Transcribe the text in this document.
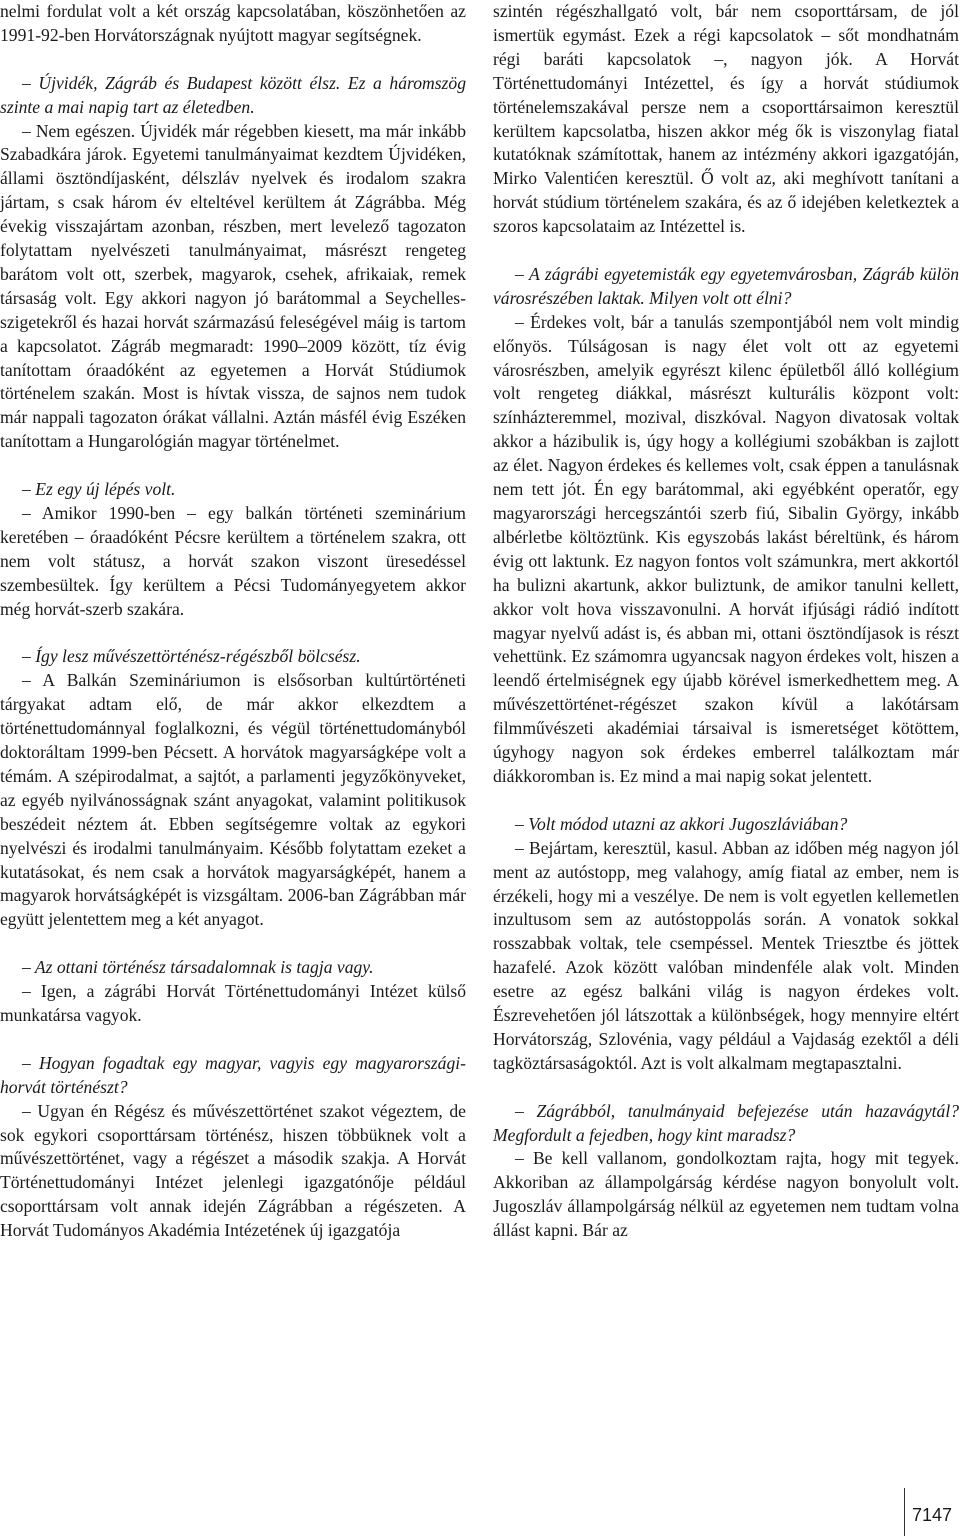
nelmi fordulat volt a két ország kapcsolatában, köszönhetően az 1991-92-ben Horvátországnak nyújtott magyar segítségnek.

– Újvidék, Zágráb és Budapest között élsz. Ez a háromszög szinte a mai napig tart az életedben.

– Nem egészen. Újvidék már régebben kiesett, ma már inkább Szabadkára járok. Egyetemi tanulmányaimat kezdtem Újvidéken, állami ösztöndíjasként, délszláv nyelvek és irodalom szakra jártam, s csak három év elteltével kerültem át Zágrábba. Még évekig visszajártam azonban, részben, mert levelező tagozaton folytattam nyelvészeti tanulmányaimat, másrészt rengeteg barátom volt ott, szerbek, magyarok, csehek, afrikaiak, remek társaság volt. Egy akkori nagyon jó barátommal a Seychelles-szigetekről és hazai horvát származású feleségével máig is tartom a kapcsolatot. Zágráb megmaradt: 1990–2009 között, tíz évig tanítottam óraadóként az egyetemen a Horvát Stúdiumok történelem szakán. Most is hívtak vissza, de sajnos nem tudok már nappali tagozaton órákat vállalni. Aztán másfél évig Eszéken tanítottam a Hungarológián magyar történelmet.

– Ez egy új lépés volt.

– Amikor 1990-ben – egy balkán történeti szeminárium keretében – óraadóként Pécsre kerültem a történelem szakra, ott nem volt státusz, a horvát szakon viszont üresedéssel szembesültek. Így kerültem a Pécsi Tudományegyetem akkor még horvát-szerb szakára.

– Így lesz művészettörténész-régészből bölcsész.

– A Balkán Szemináriumon is elsősorban kultúrtörténeti tárgyakat adtam elő, de már akkor elkezdtem a történettudománnyal foglalkozni, és végül történettudományból doktoráltam 1999-ben Pécsett. A horvátok magyarságképe volt a témám. A szépirodalmat, a sajtót, a parlamenti jegyzőkönyveket, az egyéb nyilvánosságnak szánt anyagokat, valamint politikusok beszédeit néztem át. Ebben segítségemre voltak az egykori nyelvészi és irodalmi tanulmányaim. Később folytattam ezeket a kutatásokat, és nem csak a horvátok magyarságképét, hanem a magyarok horvátságképét is vizsgáltam. 2006-ban Zágrábban már együtt jelentettem meg a két anyagot.

– Az ottani történész társadalomnak is tagja vagy.

– Igen, a zágrábi Horvát Történettudományi Intézet külső munkatársa vagyok.

– Hogyan fogadtak egy magyar, vagyis egy magyarországi-horvát történészt?

– Ugyan én Régész és művészettörténet szakot végeztem, de sok egykori csoporttársam történész, hiszen többüknek volt a művészettörténet, vagy a régészet a második szakja. A Horvát Történettudományi Intézet jelenlegi igazgatónője például csoporttársam volt annak idején Zágrábban a régészeten. A Horvát Tudományos Akadémia Intézetének új igazgatója

szintén régészhallgató volt, bár nem csoporttársam, de jól ismertük egymást. Ezek a régi kapcsolatok – sőt mondhatnám régi baráti kapcsolatok –, nagyon jók. A Horvát Történettudományi Intézettel, és így a horvát stúdiumok történelemszakával persze nem a csoporttársaimon keresztül kerültem kapcsolatba, hiszen akkor még ők is viszonylag fiatal kutatóknak számítottak, hanem az intézmény akkori igazgatóján, Mirko Valentićen keresztül. Ő volt az, aki meghívott tanítani a horvát stúdium történelem szakára, és az ő idejében keletkeztek a szoros kapcsolataim az Intézettel is.

– A zágrábi egyetemisták egy egyetemvárosban, Zágráb külön városrészében laktak. Milyen volt ott élni?

– Érdekes volt, bár a tanulás szempontjából nem volt mindig előnyös. Túlságosan is nagy élet volt ott az egyetemi városrészben, amelyik egyrészt kilenc épületből álló kollégium volt rengeteg diákkal, másrészt kulturális központ volt: színházteremmel, mozival, diszkóval. Nagyon divatosak voltak akkor a házibulik is, úgy hogy a kollégiumi szobákban is zajlott az élet. Nagyon érdekes és kellemes volt, csak éppen a tanulásnak nem tett jót. Én egy barátommal, aki egyébként operatőr, egy magyarországi hercegszántói szerb fiú, Sibalin György, inkább albérletbe költöztünk. Kis egyszobás lakást béreltünk, és három évig ott laktunk. Ez nagyon fontos volt számunkra, mert akkortól ha bulizni akartunk, akkor buliztunk, de amikor tanulni kellett, akkor volt hova visszavonulni. A horvát ifjúsági rádió indított magyar nyelvű adást is, és abban mi, ottani ösztöndíjasok is részt vehettünk. Ez számomra ugyancsak nagyon érdekes volt, hiszen a leendő értelmiségnek egy újabb körével ismerkedhettem meg. A művészettörténet-régészet szakon kívül a lakótársam filmművészeti akadémiai társaival is ismeretséget kötöttem, úgyhogy nagyon sok érdekes emberrel találkoztam már diákkoromban is. Ez mind a mai napig sokat jelentett.

– Volt módod utazni az akkori Jugoszláviában?

– Bejártam, keresztül, kasul. Abban az időben még nagyon jól ment az autóstopp, meg valahogy, amíg fiatal az ember, nem is érzékeli, hogy mi a veszélye. De nem is volt egyetlen kellemetlen inzultusom sem az autóstoppolás során. A vonatok sokkal rosszabbak voltak, tele csempéssel. Mentek Triesztbe és jöttek hazafelé. Azok között valóban mindenféle alak volt. Minden esetre az egész balkáni világ is nagyon érdekes volt. Észrevehetően jól látszottak a különbségek, hogy mennyire eltért Horvátország, Szlovénia, vagy például a Vajdaság ezektől a déli tagköztársaságoktól. Azt is volt alkalmam megtapasztalni.

– Zágrábból, tanulmányaid befejezése után hazavágytál? Megfordult a fejedben, hogy kint maradsz?

– Be kell vallanom, gondolkoztam rajta, hogy mit tegyek. Akkoriban az állampolgárság kérdése nagyon bonyolult volt. Jugoszláv állampolgárság nélkül az egyetemen nem tudtam volna állást kapni. Bár az

7147
